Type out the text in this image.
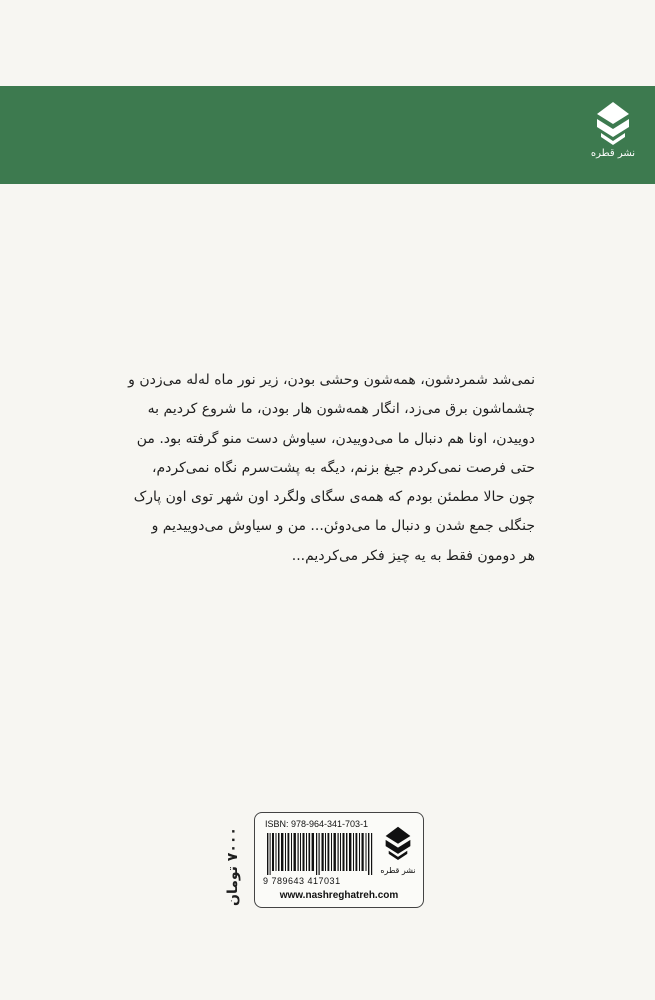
نشر قطره

نمی‌شد شمردشون، همه‌شون وحشی بودن، زیر نور ماه له‌له می‌زدن و

چشماشون برق می‌زد، انگار همه‌شون هار بودن، ما شروع کردیم به

دوییدن، اونا هم دنبال ما می‌دوییدن، سیاوش دست منو گرفته بود. من

حتی فرصت نمی‌کردم جیغ بزنم، دیگه به پشت‌سرم نگاه نمی‌کردم،

چون حالا مطمئن بودم که همه‌ی سگای ولگرد اون شهر توی اون پارک

جنگلی جمع شدن و دنبال ما می‌دوئن... من و سیاوش می‌دوییدیم و

هر دومون فقط به یه چیز فکر می‌کردیم...

۷۰۰۰ تومان
ISBN: 978-964-341-703-1
9 789643 417031
نشر قطره
www.nashreghatreh.com
